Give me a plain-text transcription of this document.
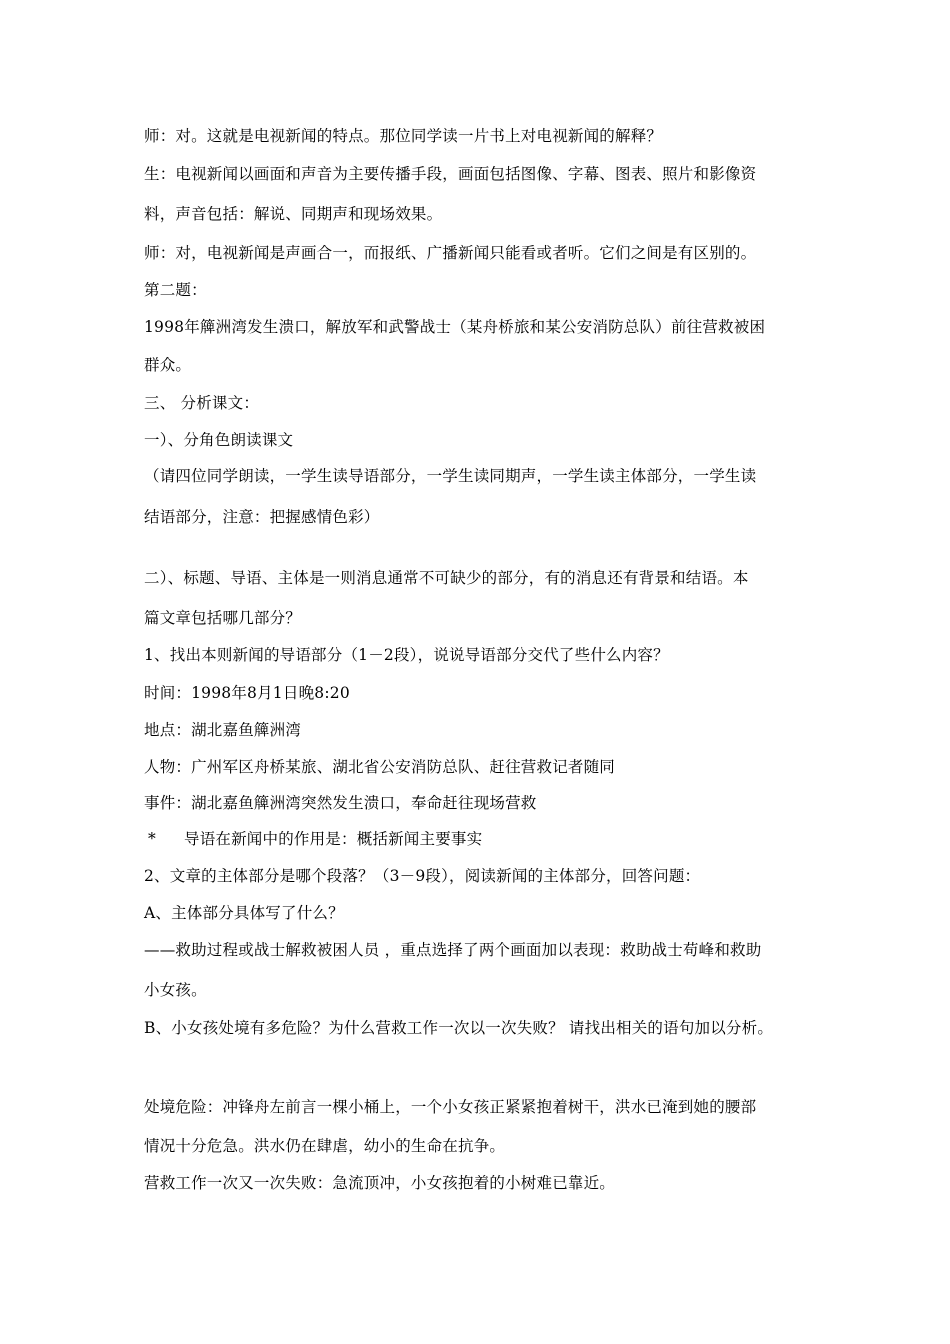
师：对。这就是电视新闻的特点。那位同学读一片书上对电视新闻的解释？
生：电视新闻以画面和声音为主要传播手段，画面包括图像、字幕、图表、照片和影像资
料，声音包括：解说、同期声和现场效果。
师：对，电视新闻是声画合一，而报纸、广播新闻只能看或者听。它们之间是有区别的。
第二题：
1998年簰洲湾发生溃口，解放军和武警战士（某舟桥旅和某公安消防总队）前往营救被困
群众。
三、 分析课文：
一）、分角色朗读课文
（请四位同学朗读，一学生读导语部分，一学生读同期声，一学生读主体部分，一学生读
结语部分，注意：把握感情色彩）
二）、标题、导语、主体是一则消息通常不可缺少的部分，有的消息还有背景和结语。本
篇文章包括哪几部分？
1、找出本则新闻的导语部分（1－2段），说说导语部分交代了些什么内容？
时间：1998年8月1日晚8:20
地点：湖北嘉鱼簰洲湾
人物：广州军区舟桥某旅、湖北省公安消防总队、赶往营救记者随同
事件：湖北嘉鱼簰洲湾突然发生溃口，奉命赶往现场营救
* 导语在新闻中的作用是：概括新闻主要事实
2、文章的主体部分是哪个段落？（3－9段），阅读新闻的主体部分，回答问题：
A、主体部分具体写了什么？
——救助过程或战士解救被困人员 ，重点选择了两个画面加以表现：救助战士苟峰和救助
小女孩。
B、小女孩处境有多危险？为什么营救工作一次以一次失败？ 请找出相关的语句加以分析。
处境危险：冲锋舟左前言一棵小桶上，一个小女孩正紧紧抱着树干，洪水已淹到她的腰部
情况十分危急。洪水仍在肆虐，幼小的生命在抗争。
营救工作一次又一次失败：急流顶冲，小女孩抱着的小树难已靠近。
